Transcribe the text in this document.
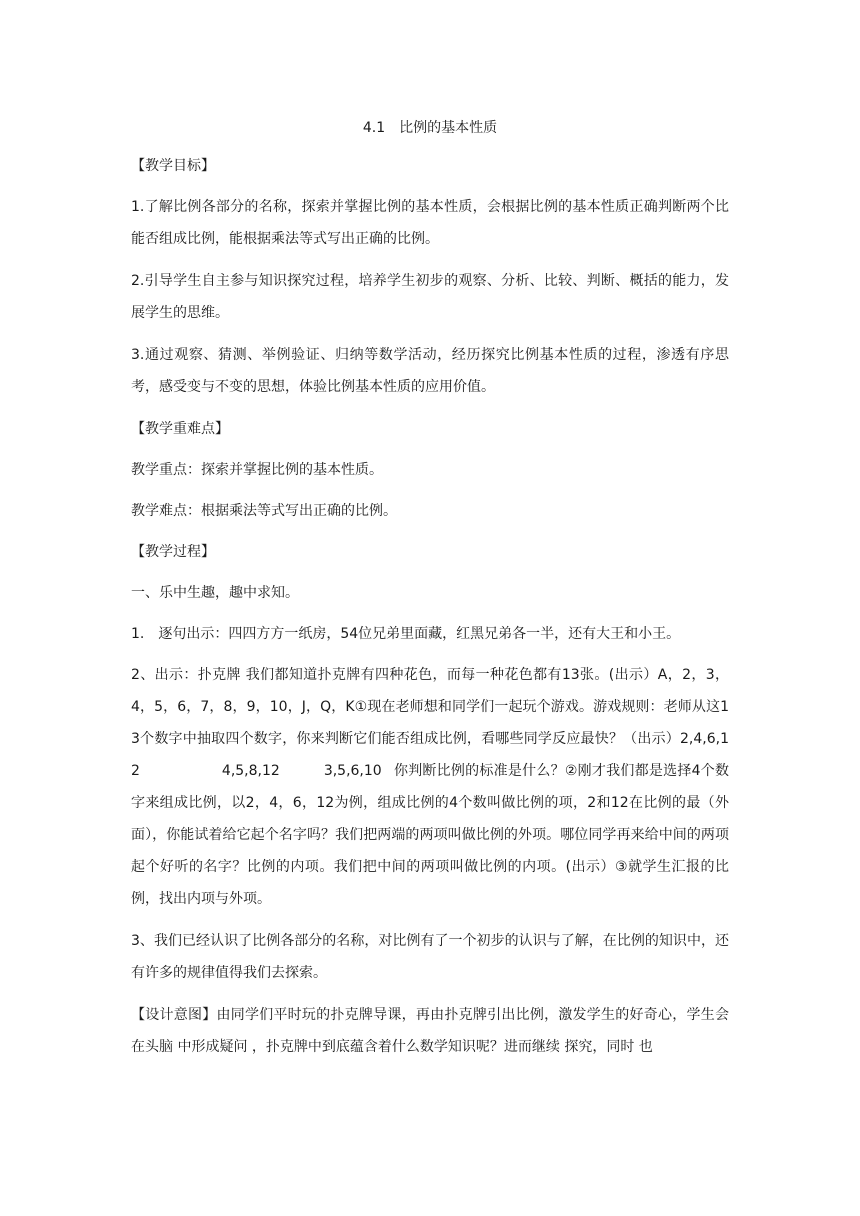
4.1　比例的基本性质
【教学目标】
1.了解比例各部分的名称，探索并掌握比例的基本性质，会根据比例的基本性质正确判断两个比能否组成比例，能根据乘法等式写出正确的比例。
2.引导学生自主参与知识探究过程，培养学生初步的观察、分析、比较、判断、概括的能力，发展学生的思维。
3.通过观察、猜测、举例验证、归纳等数学活动，经历探究比例基本性质的过程，渗透有序思考，感受变与不变的思想，体验比例基本性质的应用价值。
【教学重难点】
教学重点：探索并掌握比例的基本性质。
教学难点：根据乘法等式写出正确的比例。
【教学过程】
一、乐中生趣，趣中求知。
1.　逐句出示：四四方方一纸房，54位兄弟里面藏，红黑兄弟各一半，还有大王和小王。
2、出示：扑克牌 我们都知道扑克牌有四种花色，而每一种花色都有13张。(出示）A，2，3，4，5，6，7，8，9，10，J，Q，K①现在老师想和同学们一起玩个游戏。游戏规则：老师从这13个数字中抽取四个数字，你来判断它们能否组成比例，看哪些同学反应最快？（出示）2,4,6,12	4,5,8,12	3,5,6,10 你判断比例的标准是什么？②刚才我们都是选择4个数字来组成比例，以2，4，6，12为例，组成比例的4个数叫做比例的项，2和12在比例的最（外面），你能试着给它起个名字吗？我们把两端的两项叫做比例的外项。哪位同学再来给中间的两项起个好听的名字？比例的内项。我们把中间的两项叫做比例的内项。(出示）③就学生汇报的比例，找出内项与外项。
3、我们已经认识了比例各部分的名称，对比例有了一个初步的认识与了解，在比例的知识中，还有许多的规律值得我们去探索。
【设计意图】由同学们平时玩的扑克牌导课，再由扑克牌引出比例，激发学生的好奇心，学生会在头脑 中形成疑问 ，扑克牌中到底蕴含着什么数学知识呢？进而继续 探究，同时 也
